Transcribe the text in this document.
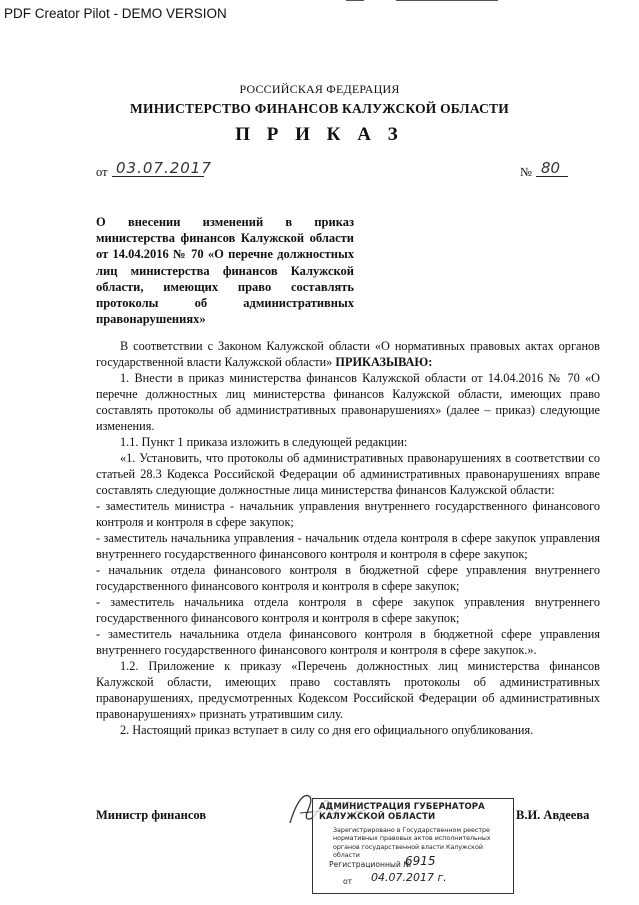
PDF Creator Pilot - DEMO VERSION
РОССИЙСКАЯ ФЕДЕРАЦИЯ
МИНИСТЕРСТВО ФИНАНСОВ КАЛУЖСКОЙ ОБЛАСТИ
П Р И К А З
от 03.07.2017	№ 80
О внесении изменений в приказ министерства финансов Калужской области от 14.04.2016 № 70 «О перечне должностных лиц министерства финансов Калужской области, имеющих право составлять протоколы об административных правонарушениях»

В соответствии с Законом Калужской области «О нормативных правовых актах органов государственной власти Калужской области» ПРИКАЗЫВАЮ:

1. Внести в приказ министерства финансов Калужской области от 14.04.2016 № 70 «О перечне должностных лиц министерства финансов Калужской области, имеющих право составлять протоколы об административных правонарушениях» (далее – приказ) следующие изменения.

1.1. Пункт 1 приказа изложить в следующей редакции:

«1. Установить, что протоколы об административных правонарушениях в соответствии со статьей 28.3 Кодекса Российской Федерации об административных правонарушениях вправе составлять следующие должностные лица министерства финансов Калужской области:

- заместитель министра - начальник управления внутреннего государственного финансового контроля и контроля в сфере закупок;

- заместитель начальника управления - начальник отдела контроля в сфере закупок управления внутреннего государственного финансового контроля и контроля в сфере закупок;

- начальник отдела финансового контроля в бюджетной сфере управления внутреннего государственного финансового контроля и контроля в сфере закупок;

- заместитель начальника отдела контроля в сфере закупок управления внутреннего государственного финансового контроля и контроля в сфере закупок;

- заместитель начальника отдела финансового контроля в бюджетной сфере управления внутреннего государственного финансового контроля и контроля в сфере закупок.».

1.2. Приложение к приказу «Перечень должностных лиц министерства финансов Калужской области, имеющих право составлять протоколы об административных правонарушениях, предусмотренных Кодексом Российской Федерации об административных правонарушениях» признать утратившим силу.

2. Настоящий приказ вступает в силу со дня его официального опубликования.

Министр финансов	В.И. Авдеева
АДМИНИСТРАЦИЯ ГУБЕРНАТОРА КАЛУЖСКОЙ ОБЛАСТИ
Зарегистрировано в Государственном реестре нормативных правовых актов исполнительных органов государственной власти Калужской области
Регистрационный №
6915
от 04.07.2017 г.
